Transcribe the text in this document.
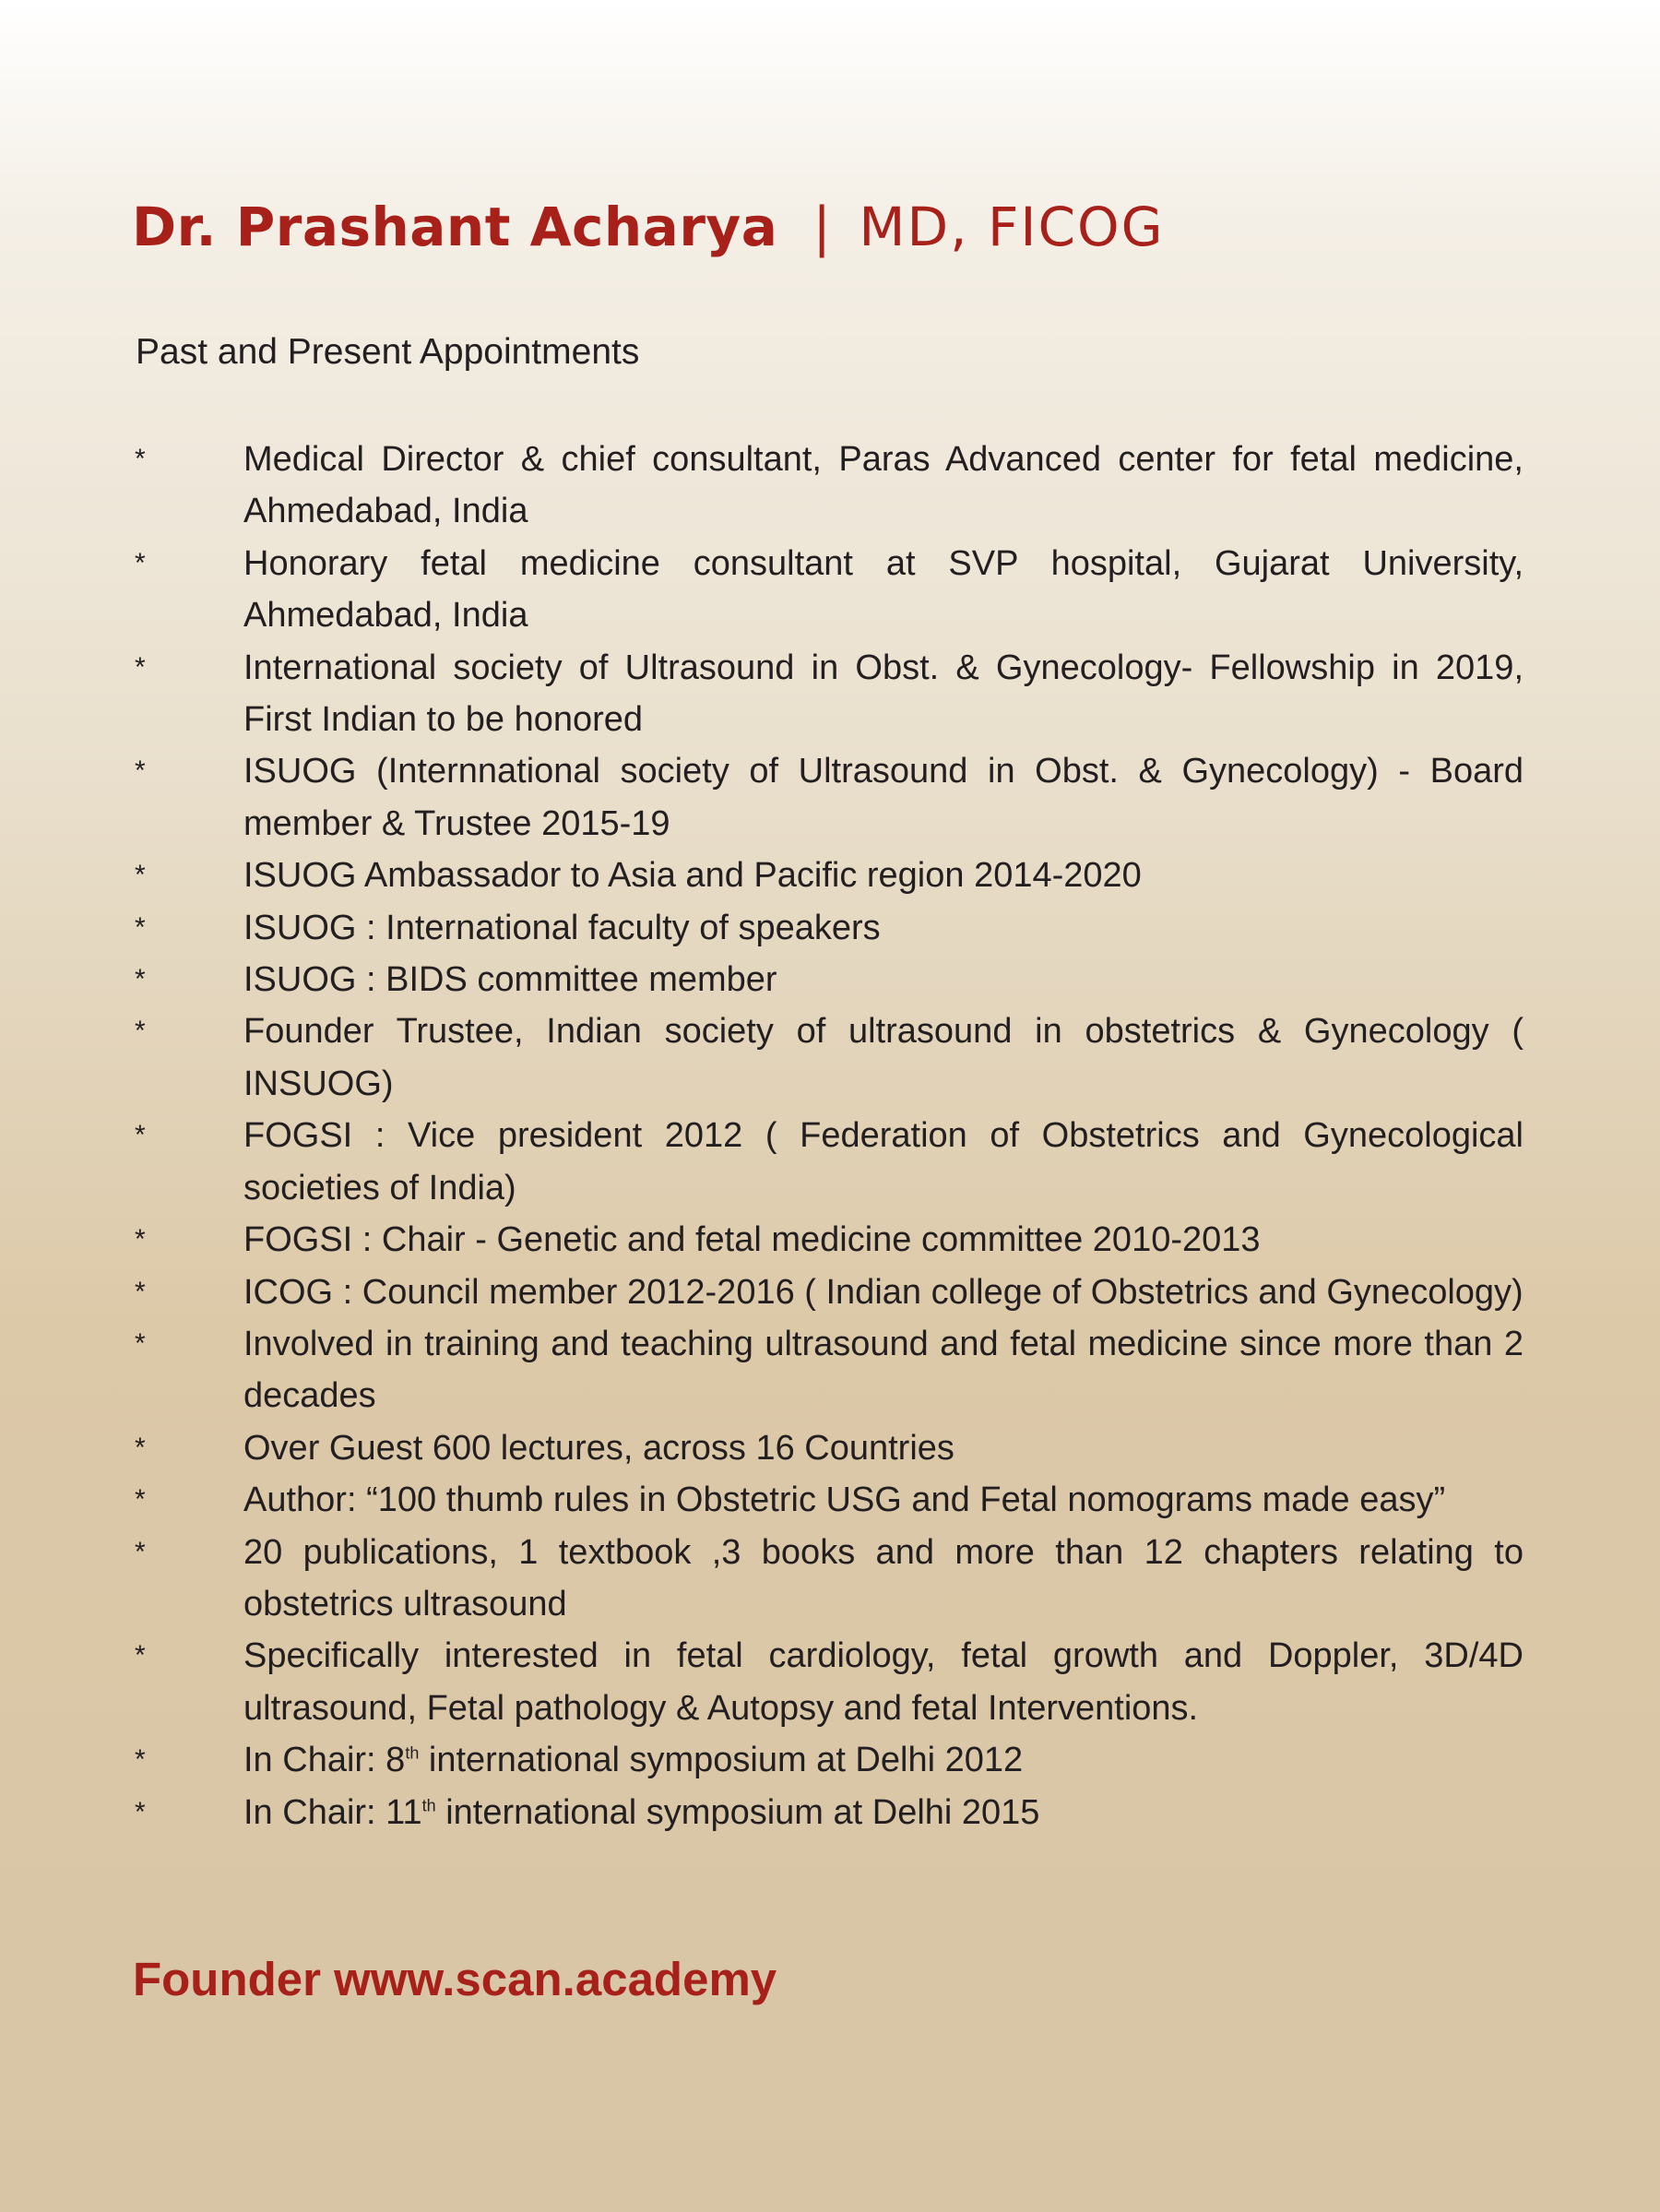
Dr. Prashant Acharya | MD, FICOG
Past and Present Appointments
*	Medical Director & chief consultant, Paras Advanced center for fetal medicine, Ahmedabad, India
*	Honorary fetal medicine consultant at SVP hospital, Gujarat University, Ahmedabad, India
*	International society of Ultrasound in Obst. & Gynecology- Fellowship in 2019, First Indian to be honored
*	ISUOG (Internnational society of Ultrasound in Obst. & Gynecology) - Board member & Trustee 2015-19
*	ISUOG Ambassador to Asia and Pacific region 2014-2020
*	ISUOG : International faculty of speakers
*	ISUOG : BIDS committee member
*	Founder Trustee, Indian society of ultrasound in obstetrics & Gynecology ( INSUOG)
*	FOGSI : Vice president 2012 ( Federation of Obstetrics and Gynecological societies of India)
*	FOGSI : Chair - Genetic and fetal medicine committee 2010-2013
*	ICOG : Council member 2012-2016 ( Indian college of Obstetrics and Gynecology)
*	Involved in training and teaching ultrasound and fetal medicine since more than 2 decades
*	Over Guest 600 lectures, across 16 Countries
*	Author: “100 thumb rules in Obstetric USG and Fetal nomograms made easy”
*	20 publications, 1 textbook ,3 books and more than 12 chapters relating to obstetrics ultrasound
*	Specifically interested in fetal cardiology, fetal growth and Doppler, 3D/4D ultrasound, Fetal pathology & Autopsy and fetal Interventions.
*	In Chair: 8th international symposium at Delhi 2012
*	In Chair: 11th international symposium at Delhi 2015
Founder www.scan.academy
